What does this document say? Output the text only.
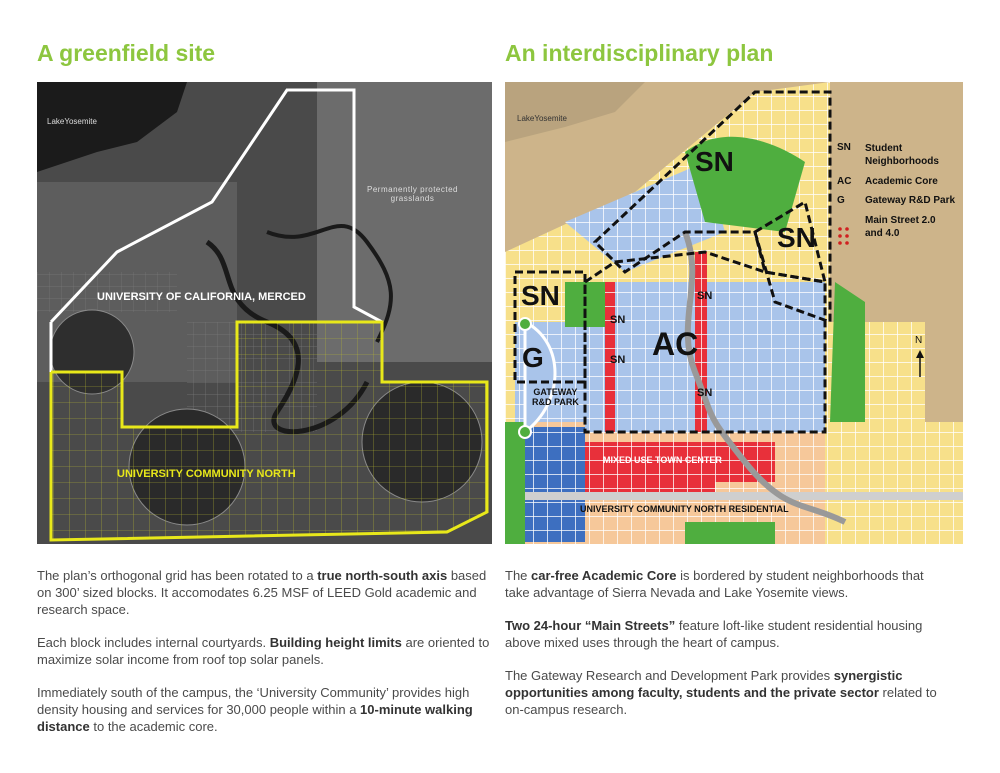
A greenfield site	An interdisciplinary plan
LakeYosemite
Permanently protected
grasslands
UNIVERSITY OF CALIFORNIA, MERCED
UNIVERSITY COMMUNITY NORTH
LakeYosemite
SN
SN
SN
AC
G
SN
SN
SN
SN
GATEWAY
R&D PARK
MIXED USE TOWN CENTER
UNIVERSITY COMMUNITY NORTH RESIDENTIAL
N
SN	Student
Neighborhoods
AC	Academic Core
G	Gateway R&D Park
Main Street 2.0
and 4.0

The plan’s orthogonal grid has been rotated to a true north-south axis based on 300’ sized blocks. It accomodates 6.25 MSF of LEED Gold academic and research space.

Each block includes internal courtyards. Building height limits are oriented to maximize solar income from roof top solar panels.

Immediately south of the campus, the ‘University Community’ provides high density housing and services for 30,000 people within a 10-minute walking distance to the academic core.

The car-free Academic Core is bordered by student neighborhoods that take advantage of Sierra Nevada and Lake Yosemite views.

Two 24-hour “Main Streets” feature loft-like student residential housing above mixed uses through the heart of campus.

The Gateway Research and Development Park provides synergistic opportunities among faculty, students and the private sector related to on-campus research.
